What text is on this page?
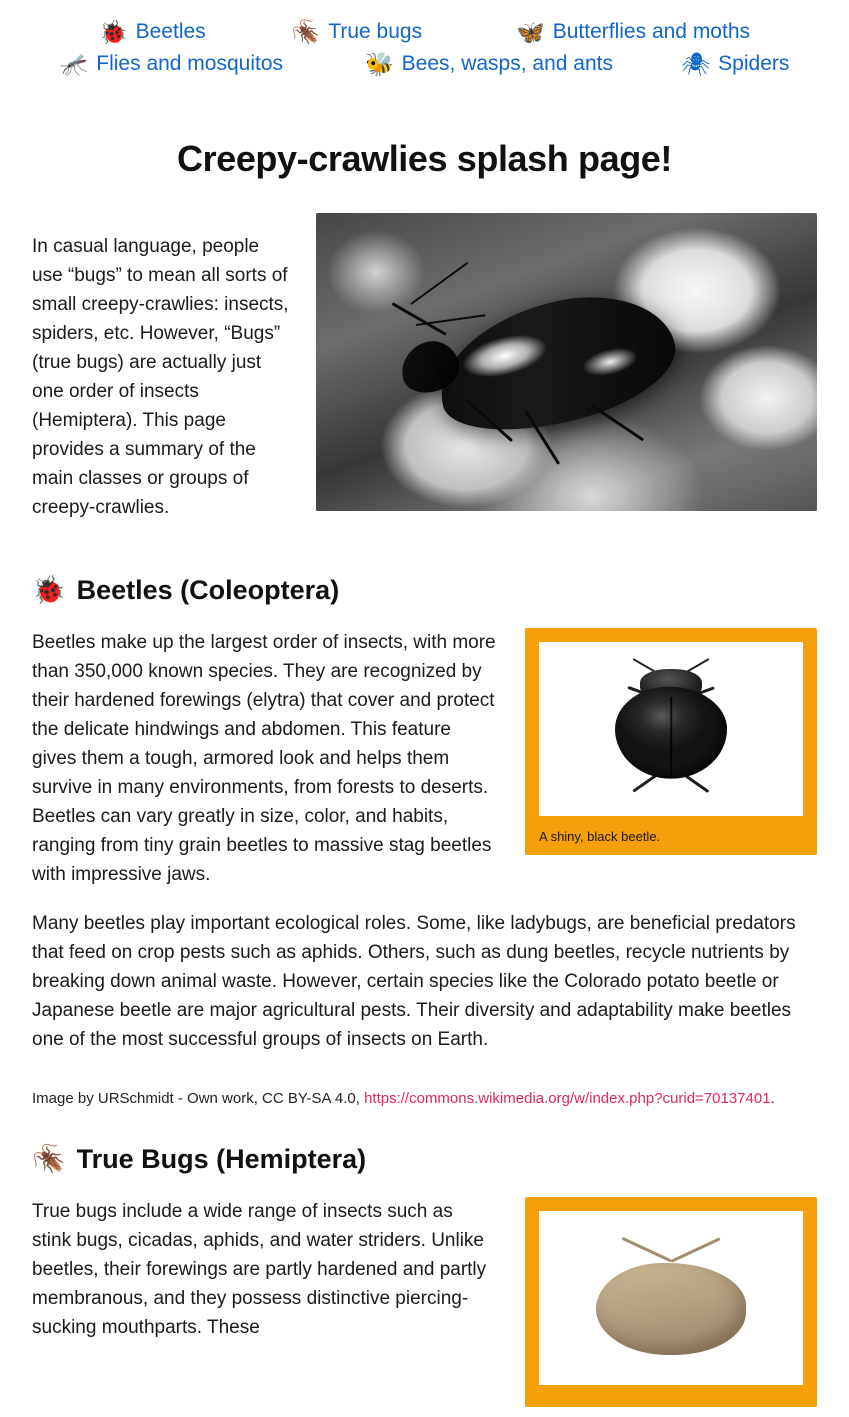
🐞 Beetles	🪳 True bugs	🦋 Butterflies and moths
🦟 Flies and mosquitos	🐝 Bees, wasps, and ants	🕷 Spiders
Creepy-crawlies splash page!

In casual language, people use “bugs” to mean all sorts of small creepy-crawlies: insects, spiders, etc. However, “Bugs” (true bugs) are actually just one order of insects (Hemiptera). This page provides a summary of the main classes or groups of creepy-crawlies.

🐞 Beetles (Coleoptera)
A shiny, black beetle.

Beetles make up the largest order of insects, with more than 350,000 known species. They are recognized by their hardened forewings (elytra) that cover and protect the delicate hindwings and abdomen. This feature gives them a tough, armored look and helps them survive in many environments, from forests to deserts. Beetles can vary greatly in size, color, and habits, ranging from tiny grain beetles to massive stag beetles with impressive jaws.

Many beetles play important ecological roles. Some, like ladybugs, are beneficial predators that feed on crop pests such as aphids. Others, such as dung beetles, recycle nutrients by breaking down animal waste. However, certain species like the Colorado potato beetle or Japanese beetle are major agricultural pests. Their diversity and adaptability make beetles one of the most successful groups of insects on Earth.

Image by URSchmidt - Own work, CC BY-SA 4.0, https://commons.wikimedia.org/w/index.php?curid=70137401.

🪳 True Bugs (Hemiptera)

True bugs include a wide range of insects such as stink bugs, cicadas, aphids, and water striders. Unlike beetles, their forewings are partly hardened and partly membranous, and they possess distinctive piercing-sucking mouthparts. These
